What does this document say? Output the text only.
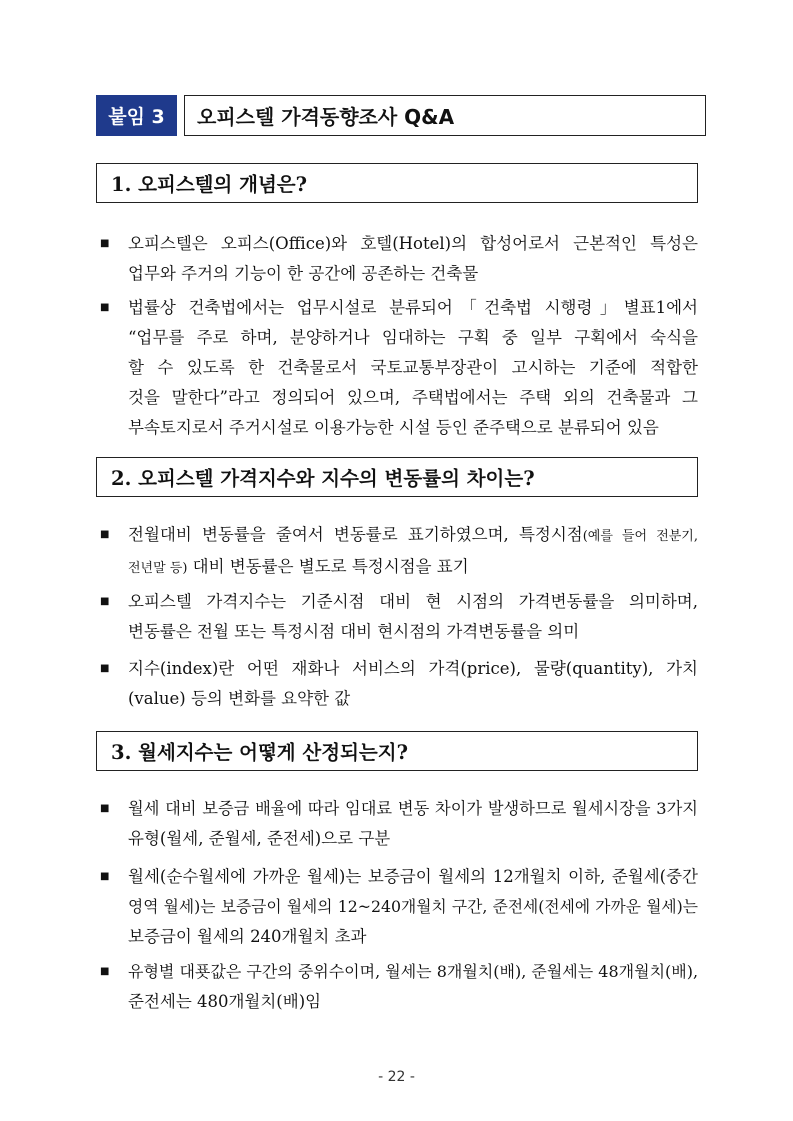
붙임 3	오피스텔 가격동향조사 Q&A
1. 오피스텔의 개념은?
■	오피스텔은 오피스(Office)와 호텔(Hotel)의 합성어로서 근본적인 특성은
업무와 주거의 기능이 한 공간에 공존하는 건축물
■	법률상 건축법에서는 업무시설로 분류되어「건축법 시행령」별표1에서
“업무를 주로 하며, 분양하거나 임대하는 구획 중 일부 구획에서 숙식을
할 수 있도록 한 건축물로서 국토교통부장관이 고시하는 기준에 적합한
것을 말한다”라고 정의되어 있으며, 주택법에서는 주택 외의 건축물과 그
부속토지로서 주거시설로 이용가능한 시설 등인 준주택으로 분류되어 있음
2. 오피스텔 가격지수와 지수의 변동률의 차이는?
■	전월대비 변동률을 줄여서 변동률로 표기하였으며, 특정시점(예를 들어 전분기,
전년말 등) 대비 변동률은 별도로 특정시점을 표기
■	오피스텔 가격지수는 기준시점 대비 현 시점의 가격변동률을 의미하며,
변동률은 전월 또는 특정시점 대비 현시점의 가격변동률을 의미
■	지수(index)란 어떤 재화나 서비스의 가격(price), 물량(quantity), 가치
(value) 등의 변화를 요약한 값
3. 월세지수는 어떻게 산정되는지?
■	월세 대비 보증금 배율에 따라 임대료 변동 차이가 발생하므로 월세시장을 3가지
유형(월세, 준월세, 준전세)으로 구분
■	월세(순수월세에 가까운 월세)는 보증금이 월세의 12개월치 이하, 준월세(중간
영역 월세)는 보증금이 월세의 12~240개월치 구간, 준전세(전세에 가까운 월세)는
보증금이 월세의 240개월치 초과
■	유형별 대푯값은 구간의 중위수이며, 월세는 8개월치(배), 준월세는 48개월치(배),
준전세는 480개월치(배)임
- 22 -
